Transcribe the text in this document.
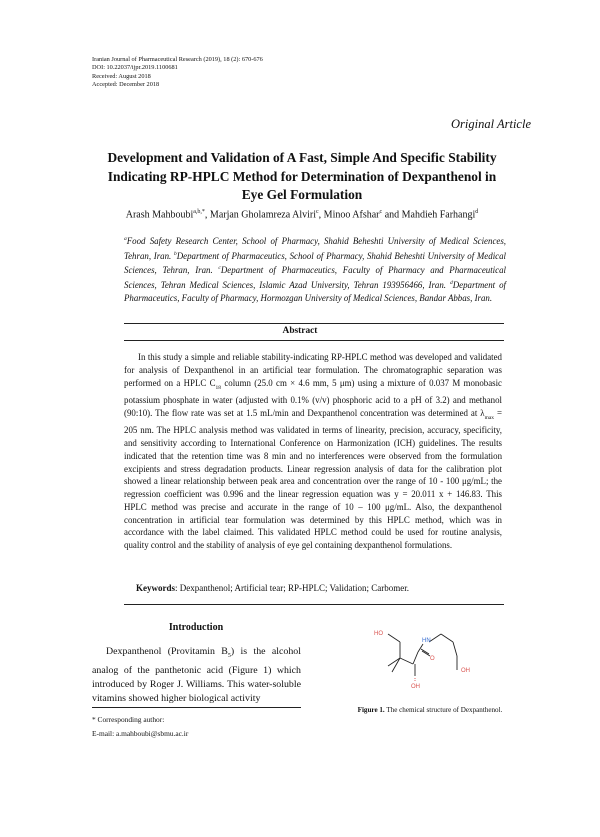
Iranian Journal of Pharmaceutical Research (2019), 18 (2): 670-676
DOI: 10.22037/ijpr.2019.1100681
Received: August 2018
Accepted: December 2018
Original Article
Development and Validation of A Fast, Simple And Specific Stability Indicating RP-HPLC Method for Determination of Dexpanthenol in Eye Gel Formulation
Arash Mahboubi$^{a,b,*}$, Marjan Gholamreza Alviri$^c$, Minoo Afshar$^c$ and Mahdieh Farhangi$^d$
$^a$Food Safety Research Center, School of Pharmacy, Shahid Beheshti University of Medical Sciences, Tehran, Iran. $^b$Department of Pharmaceutics, School of Pharmacy, Shahid Beheshti University of Medical Sciences, Tehran, Iran. $^c$Department of Pharmaceutics, Faculty of Pharmacy and Pharmaceutical Sciences, Tehran Medical Sciences, Islamic Azad University, Tehran 193956466, Iran. $^d$Department of Pharmaceutics, Faculty of Pharmacy, Hormozgan University of Medical Sciences, Bandar Abbas, Iran.
Abstract
In this study a simple and reliable stability-indicating RP-HPLC method was developed and validated for analysis of Dexpanthenol in an artificial tear formulation. The chromatographic separation was performed on a HPLC $C_{18}$ column (25.0 cm × 4.6 mm, 5 μm) using a mixture of 0.037 M monobasic potassium phosphate in water (adjusted with 0.1% (v/v) phosphoric acid to a pH of 3.2) and methanol (90:10). The flow rate was set at 1.5 mL/min and Dexpanthenol concentration was determined at $\lambda_{max} = 205$ nm. The HPLC analysis method was validated in terms of linearity, precision, accuracy, specificity, and sensitivity according to International Conference on Harmonization (ICH) guidelines. The results indicated that the retention time was 8 min and no interferences were observed from the formulation excipients and stress degradation products. Linear regression analysis of data for the calibration plot showed a linear relationship between peak area and concentration over the range of 10 - 100 μg/mL; the regression coefficient was 0.996 and the linear regression equation was y = 20.011 x + 146.83. This HPLC method was precise and accurate in the range of 10 – 100 μg/mL. Also, the dexpanthenol concentration in artificial tear formulation was determined by this HPLC method, which was in accordance with the label claimed. This validated HPLC method could be used for routine analysis, quality control and the stability of analysis of eye gel containing dexpanthenol formulations.
Keywords: Dexpanthenol; Artificial tear; RP-HPLC; Validation; Carbomer.
Introduction
Dexpanthenol (Provitamin $B_5$) is the alcohol analog of the panthetonic acid (Figure 1) which introduced by Roger J. Williams. This water-soluble vitamins showed higher biological activity
* Corresponding author:
E-mail: a.mahboubi@sbmu.ac.ir
HO
HN
O
OH
OH
Figure 1. The chemical structure of Dexpanthenol.
